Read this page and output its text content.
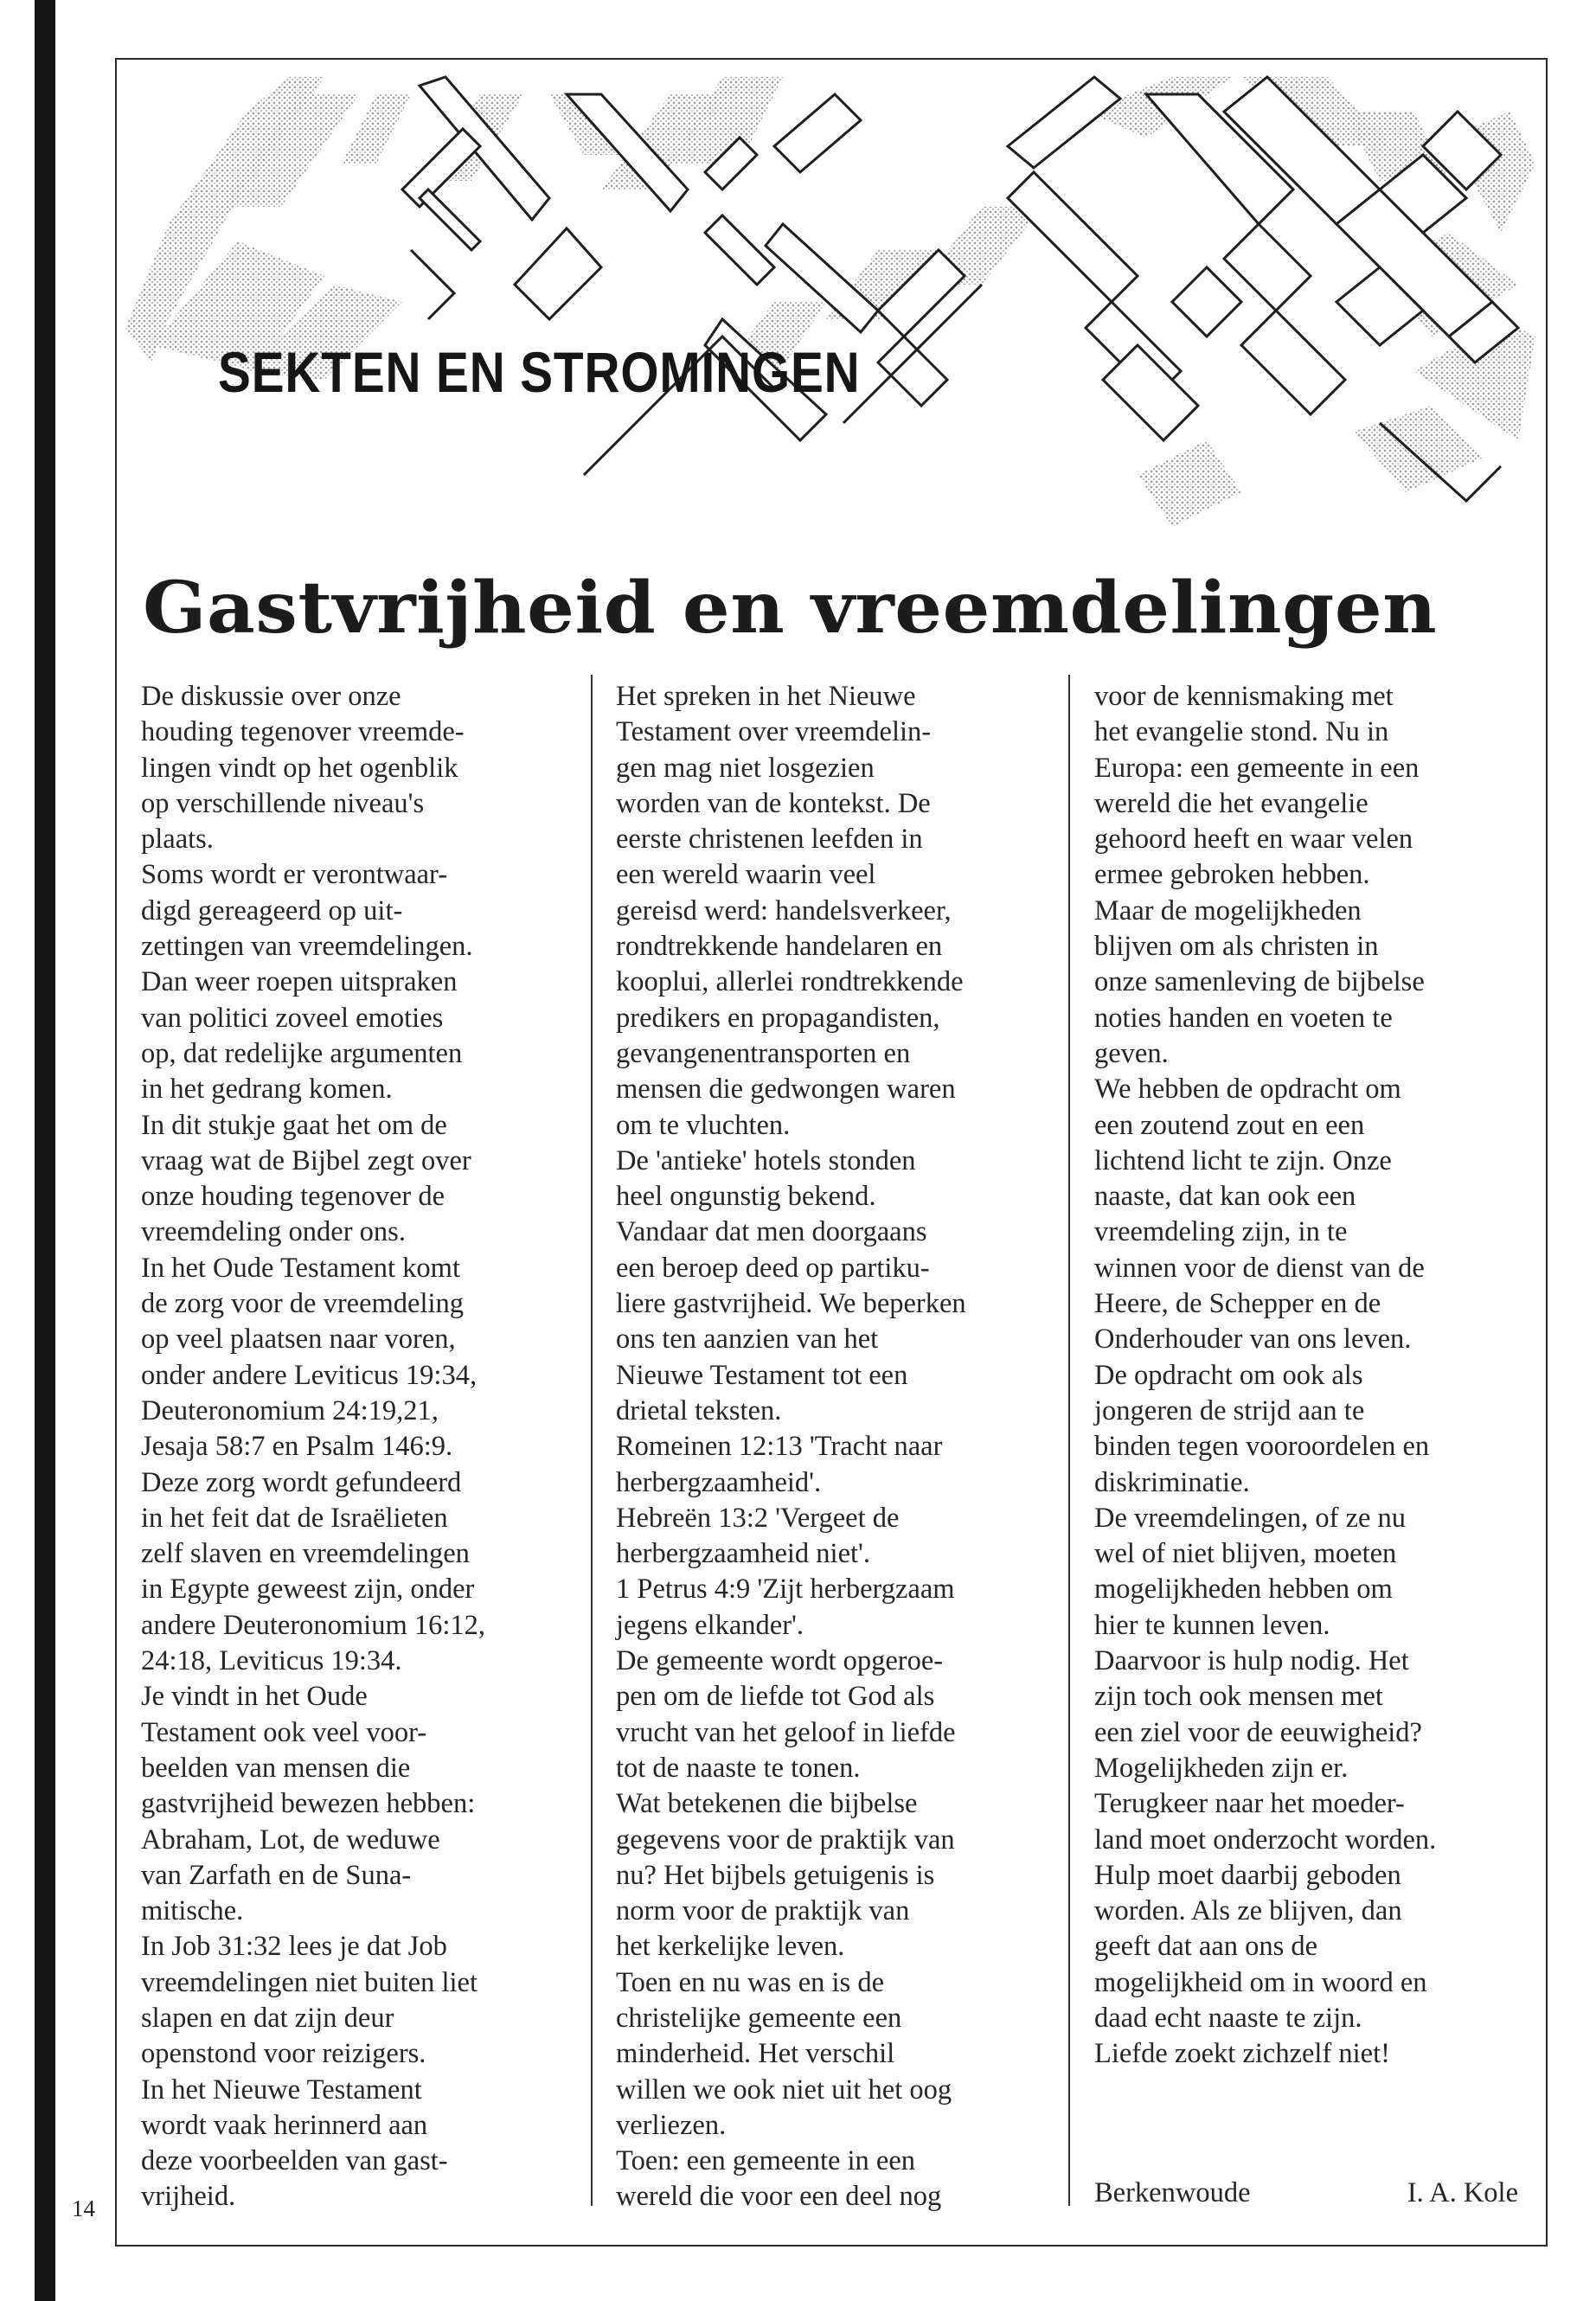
SEKTEN EN STROMINGEN
Gastvrijheid en vreemdelingen
De diskussie over onze
houding tegenover vreemde-
lingen vindt op het ogenblik
op verschillende niveau's
plaats.
Soms wordt er verontwaar-
digd gereageerd op uit-
zettingen van vreemdelingen.
Dan weer roepen uitspraken
van politici zoveel emoties
op, dat redelijke argumenten
in het gedrang komen.
In dit stukje gaat het om de
vraag wat de Bijbel zegt over
onze houding tegenover de
vreemdeling onder ons.
In het Oude Testament komt
de zorg voor de vreemdeling
op veel plaatsen naar voren,
onder andere Leviticus 19:34,
Deuteronomium 24:19,21,
Jesaja 58:7 en Psalm 146:9.
Deze zorg wordt gefundeerd
in het feit dat de Israëlieten
zelf slaven en vreemdelingen
in Egypte geweest zijn, onder
andere Deuteronomium 16:12,
24:18, Leviticus 19:34.
Je vindt in het Oude
Testament ook veel voor-
beelden van mensen die
gastvrijheid bewezen hebben:
Abraham, Lot, de weduwe
van Zarfath en de Suna-
mitische.
In Job 31:32 lees je dat Job
vreemdelingen niet buiten liet
slapen en dat zijn deur
openstond voor reizigers.
In het Nieuwe Testament
wordt vaak herinnerd aan
deze voorbeelden van gast-
vrijheid.
Het spreken in het Nieuwe
Testament over vreemdelin-
gen mag niet losgezien
worden van de kontekst. De
eerste christenen leefden in
een wereld waarin veel
gereisd werd: handelsverkeer,
rondtrekkende handelaren en
kooplui, allerlei rondtrekkende
predikers en propagandisten,
gevangenentransporten en
mensen die gedwongen waren
om te vluchten.
De 'antieke' hotels stonden
heel ongunstig bekend.
Vandaar dat men doorgaans
een beroep deed op partiku-
liere gastvrijheid. We beperken
ons ten aanzien van het
Nieuwe Testament tot een
drietal teksten.
Romeinen 12:13 'Tracht naar
herbergzaamheid'.
Hebreën 13:2 'Vergeet de
herbergzaamheid niet'.
1 Petrus 4:9 'Zijt herbergzaam
jegens elkander'.
De gemeente wordt opgeroe-
pen om de liefde tot God als
vrucht van het geloof in liefde
tot de naaste te tonen.
Wat betekenen die bijbelse
gegevens voor de praktijk van
nu? Het bijbels getuigenis is
norm voor de praktijk van
het kerkelijke leven.
Toen en nu was en is de
christelijke gemeente een
minderheid. Het verschil
willen we ook niet uit het oog
verliezen.
Toen: een gemeente in een
wereld die voor een deel nog
voor de kennismaking met
het evangelie stond. Nu in
Europa: een gemeente in een
wereld die het evangelie
gehoord heeft en waar velen
ermee gebroken hebben.
Maar de mogelijkheden
blijven om als christen in
onze samenleving de bijbelse
noties handen en voeten te
geven.
We hebben de opdracht om
een zoutend zout en een
lichtend licht te zijn. Onze
naaste, dat kan ook een
vreemdeling zijn, in te
winnen voor de dienst van de
Heere, de Schepper en de
Onderhouder van ons leven.
De opdracht om ook als
jongeren de strijd aan te
binden tegen vooroordelen en
diskriminatie.
De vreemdelingen, of ze nu
wel of niet blijven, moeten
mogelijkheden hebben om
hier te kunnen leven.
Daarvoor is hulp nodig. Het
zijn toch ook mensen met
een ziel voor de eeuwigheid?
Mogelijkheden zijn er.
Terugkeer naar het moeder-
land moet onderzocht worden.
Hulp moet daarbij geboden
worden. Als ze blijven, dan
geeft dat aan ons de
mogelijkheid om in woord en
daad echt naaste te zijn.
Liefde zoekt zichzelf niet!
Berkenwoude	I. A. Kole
14
